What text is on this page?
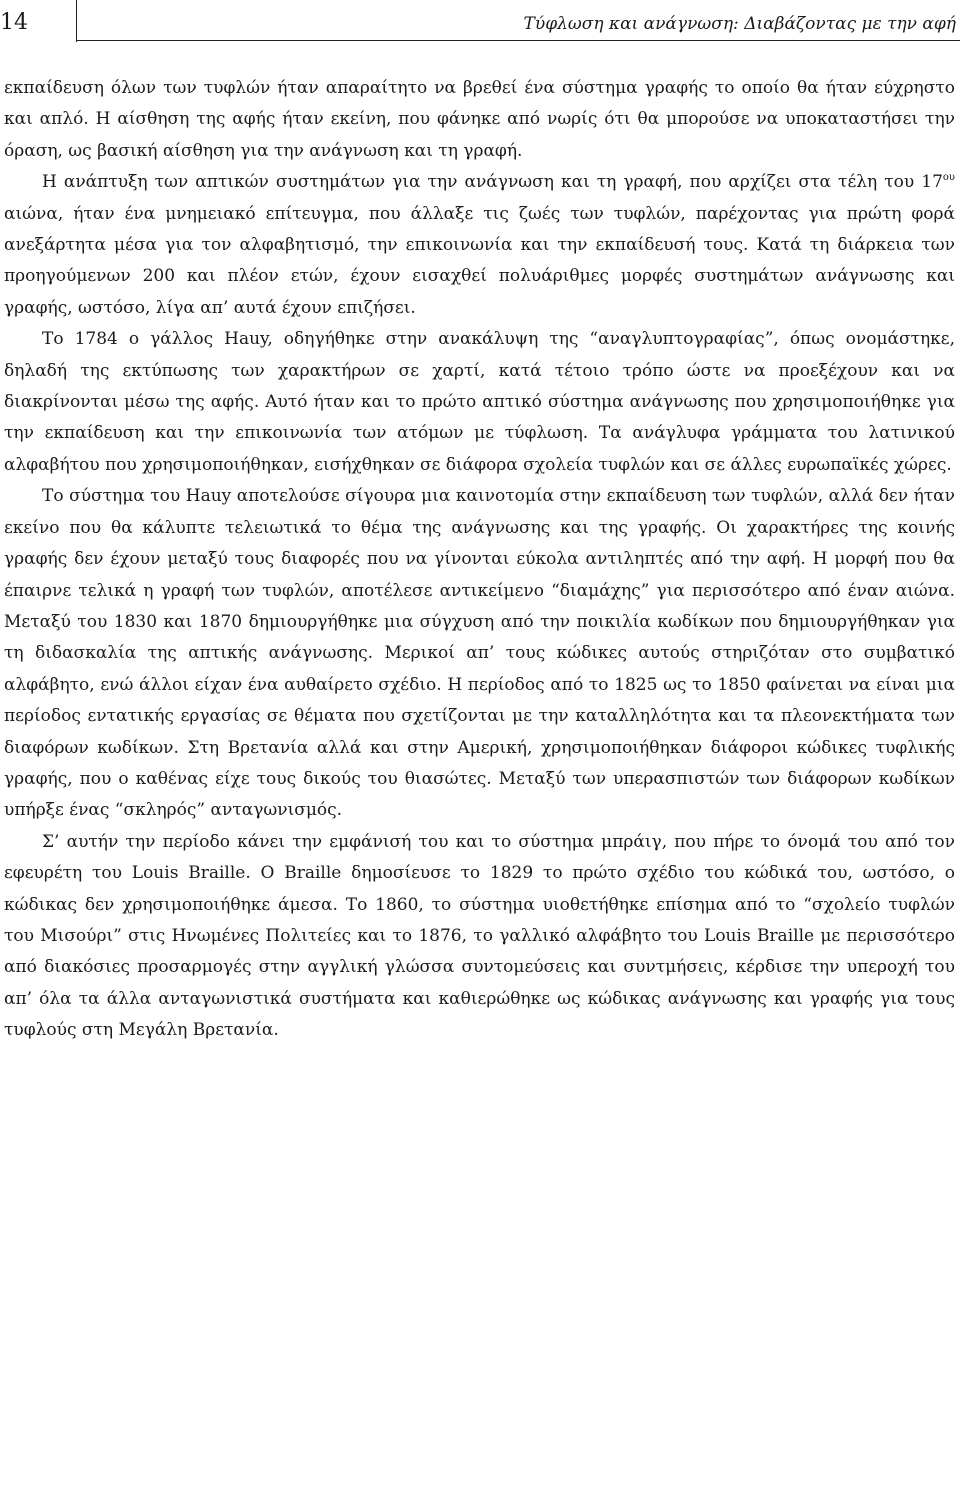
14	Τύφλωση και ανάγνωση: Διαβάζοντας με την αφή

εκπαίδευση όλων των τυφλών ήταν απαραίτητο να βρεθεί ένα σύστημα γραφής το οποίο θα ήταν εύχρηστο και απλό. Η αίσθηση της αφής ήταν εκείνη, που φάνηκε από νωρίς ότι θα μπορούσε να υποκαταστήσει την όραση, ως βασική αίσθηση για την ανάγνωση και τη γραφή.

Η ανάπτυξη των απτικών συστημάτων για την ανάγνωση και τη γραφή, που αρχίζει στα τέλη του $17^{o\upsilon}$ αιώνα, ήταν ένα μνημειακό επίτευγμα, που άλλαξε τις ζωές των τυφλών, παρέχοντας για πρώτη φορά ανεξάρτητα μέσα για τον αλφαβητισμό, την επικοινωνία και την εκπαίδευσή τους. Κατά τη διάρκεια των προηγούμενων 200 και πλέον ετών, έχουν εισαχθεί πολυάριθμες μορφές συστημάτων ανάγνωσης και γραφής, ωστόσο, λίγα απ’ αυτά έχουν επιζήσει.

Το 1784 ο γάλλος Hauy, οδηγήθηκε στην ανακάλυψη της “αναγλυπτογραφίας”, όπως ονομάστηκε, δηλαδή της εκτύπωσης των χαρακτήρων σε χαρτί, κατά τέτοιο τρόπο ώστε να προεξέχουν και να διακρίνονται μέσω της αφής. Αυτό ήταν και το πρώτο απτικό σύστημα ανάγνωσης που χρησιμοποιήθηκε για την εκπαίδευση και την επικοινωνία των ατόμων με τύφλωση. Τα ανάγλυφα γράμματα του λατινικού αλφαβήτου που χρησιμοποιήθηκαν, εισήχθηκαν σε διάφορα σχολεία τυφλών και σε άλλες ευρωπαϊκές χώρες.

Το σύστημα του Hauy αποτελούσε σίγουρα μια καινοτομία στην εκπαίδευση των τυφλών, αλλά δεν ήταν εκείνο που θα κάλυπτε τελειωτικά το θέμα της ανάγνωσης και της γραφής. Οι χαρακτήρες της κοινής γραφής δεν έχουν μεταξύ τους διαφορές που να γίνονται εύκολα αντιληπτές από την αφή. Η μορφή που θα έπαιρνε τελικά η γραφή των τυφλών, αποτέλεσε αντικείμενο “διαμάχης” για περισσότερο από έναν αιώνα. Μεταξύ του 1830 και 1870 δημιουργήθηκε μια σύγχυση από την ποικιλία κωδίκων που δημιουργήθηκαν για τη διδασκαλία της απτικής ανάγνωσης. Μερικοί απ’ τους κώδικες αυτούς στηριζόταν στο συμβατικό αλφάβητο, ενώ άλλοι είχαν ένα αυθαίρετο σχέδιο. Η περίοδος από το 1825 ως το 1850 φαίνεται να είναι μια περίοδος εντατικής εργασίας σε θέματα που σχετίζονται με την καταλληλότητα και τα πλεονεκτήματα των διαφόρων κωδίκων. Στη Βρετανία αλλά και στην Αμερική, χρησιμοποιήθηκαν διάφοροι κώδικες τυφλικής γραφής, που ο καθένας είχε τους δικούς του θιασώτες. Μεταξύ των υπερασπιστών των διάφορων κωδίκων υπήρξε ένας “σκληρός” ανταγωνισμός.

Σ’ αυτήν την περίοδο κάνει την εμφάνισή του και το σύστημα μπράιγ, που πήρε το όνομά του από τον εφευρέτη του Louis Braille. Ο Braille δημοσίευσε το 1829 το πρώτο σχέδιο του κώδικά του, ωστόσο, ο κώδικας δεν χρησιμοποιήθηκε άμεσα. Το 1860, το σύστημα υιοθετήθηκε επίσημα από το “σχολείο τυφλών του Μισούρι” στις Ηνωμένες Πολιτείες και το 1876, το γαλλικό αλφάβητο του Louis Braille με περισσότερο από διακόσιες προσαρμογές στην αγγλική γλώσσα συντομεύσεις και συντμήσεις, κέρδισε την υπεροχή του απ’ όλα τα άλλα ανταγωνιστικά συστήματα και καθιερώθηκε ως κώδικας ανάγνωσης και γραφής για τους τυφλούς στη Μεγάλη Βρετανία.
